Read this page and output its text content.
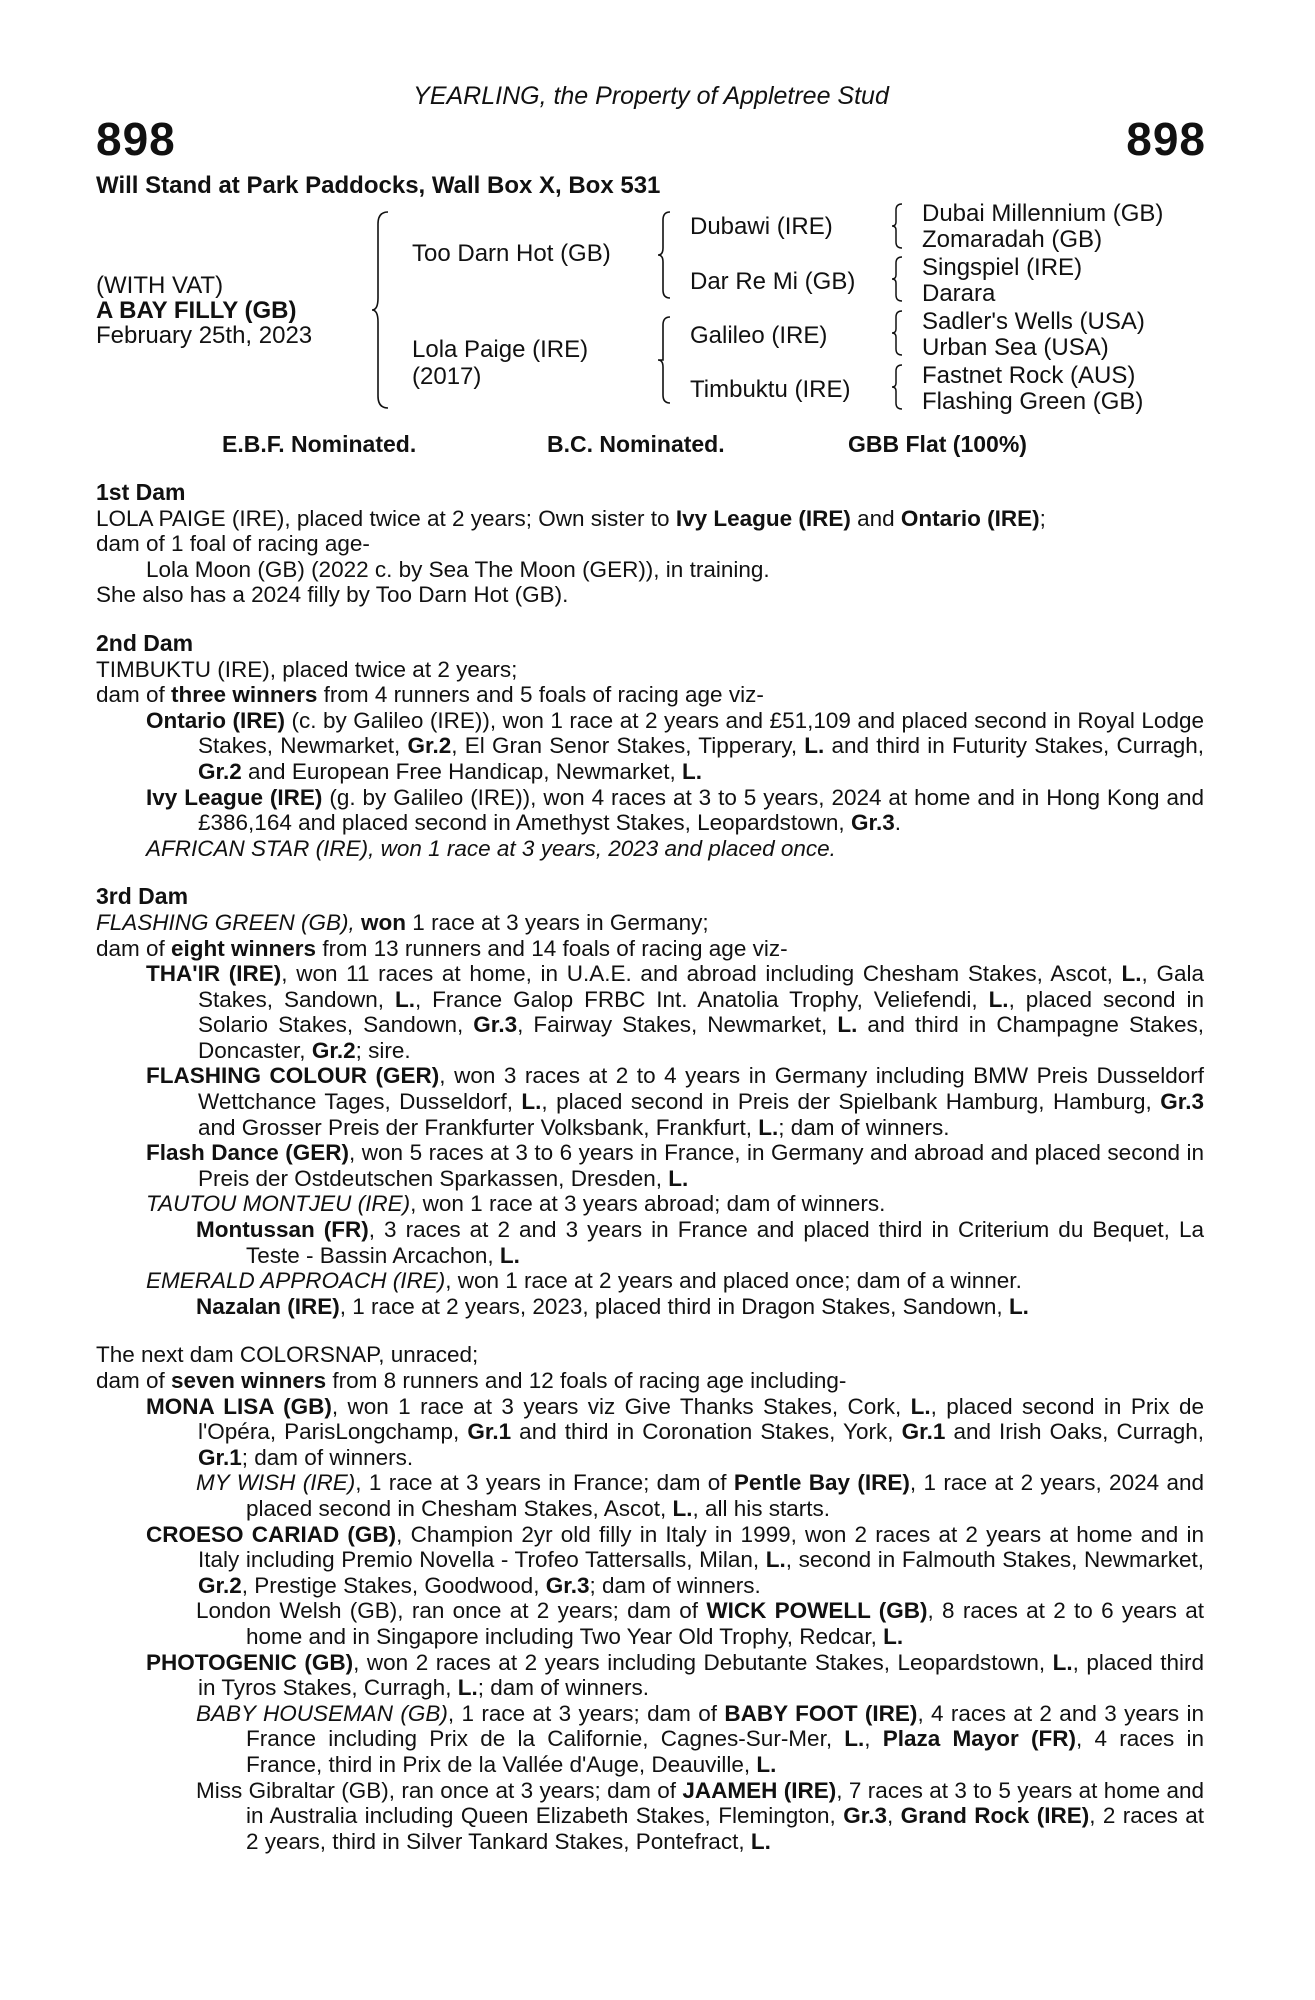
YEARLING, the Property of Appletree Stud
898	898
Will Stand at Park Paddocks, Wall Box X, Box 531
(WITH VAT)
A BAY FILLY (GB)
February 25th, 2023
Too Darn Hot (GB)
Lola Paige (IRE)
(2017)
Dubawi (IRE)
Dar Re Mi (GB)
Galileo (IRE)
Timbuktu (IRE)
Dubai Millennium (GB)
Zomaradah (GB)
Singspiel (IRE)
Darara
Sadler's Wells (USA)
Urban Sea (USA)
Fastnet Rock (AUS)
Flashing Green (GB)
E.B.F. Nominated.	B.C. Nominated.	GBB Flat (100%)
1st Dam
LOLA PAIGE (IRE), placed twice at 2 years; Own sister to Ivy League (IRE) and Ontario (IRE);
dam of 1 foal of racing age-
Lola Moon (GB) (2022 c. by Sea The Moon (GER)), in training.
She also has a 2024 filly by Too Darn Hot (GB).
2nd Dam
TIMBUKTU (IRE), placed twice at 2 years;
dam of three winners from 4 runners and 5 foals of racing age viz-
Ontario (IRE) (c. by Galileo (IRE)), won 1 race at 2 years and £51,109 and placed second in Royal Lodge Stakes, Newmarket, Gr.2, El Gran Senor Stakes, Tipperary, L. and third in Futurity Stakes, Curragh, Gr.2 and European Free Handicap, Newmarket, L.
Ivy League (IRE) (g. by Galileo (IRE)), won 4 races at 3 to 5 years, 2024 at home and in Hong Kong and £386,164 and placed second in Amethyst Stakes, Leopardstown, Gr.3.
AFRICAN STAR (IRE), won 1 race at 3 years, 2023 and placed once.
3rd Dam
FLASHING GREEN (GB), won 1 race at 3 years in Germany;
dam of eight winners from 13 runners and 14 foals of racing age viz-
THA'IR (IRE), won 11 races at home, in U.A.E. and abroad including Chesham Stakes, Ascot, L., Gala Stakes, Sandown, L., France Galop FRBC Int. Anatolia Trophy, Veliefendi, L., placed second in Solario Stakes, Sandown, Gr.3, Fairway Stakes, Newmarket, L. and third in Champagne Stakes, Doncaster, Gr.2; sire.
FLASHING COLOUR (GER), won 3 races at 2 to 4 years in Germany including BMW Preis Dusseldorf Wettchance Tages, Dusseldorf, L., placed second in Preis der Spielbank Hamburg, Hamburg, Gr.3 and Grosser Preis der Frankfurter Volksbank, Frankfurt, L.; dam of winners.
Flash Dance (GER), won 5 races at 3 to 6 years in France, in Germany and abroad and placed second in Preis der Ostdeutschen Sparkassen, Dresden, L.
TAUTOU MONTJEU (IRE), won 1 race at 3 years abroad; dam of winners.
Montussan (FR), 3 races at 2 and 3 years in France and placed third in Criterium du Bequet, La Teste - Bassin Arcachon, L.
EMERALD APPROACH (IRE), won 1 race at 2 years and placed once; dam of a winner.
Nazalan (IRE), 1 race at 2 years, 2023, placed third in Dragon Stakes, Sandown, L.
The next dam COLORSNAP, unraced;
dam of seven winners from 8 runners and 12 foals of racing age including-
MONA LISA (GB), won 1 race at 3 years viz Give Thanks Stakes, Cork, L., placed second in Prix de l'Opéra, ParisLongchamp, Gr.1 and third in Coronation Stakes, York, Gr.1 and Irish Oaks, Curragh, Gr.1; dam of winners.
MY WISH (IRE), 1 race at 3 years in France; dam of Pentle Bay (IRE), 1 race at 2 years, 2024 and placed second in Chesham Stakes, Ascot, L., all his starts.
CROESO CARIAD (GB), Champion 2yr old filly in Italy in 1999, won 2 races at 2 years at home and in Italy including Premio Novella - Trofeo Tattersalls, Milan, L., second in Falmouth Stakes, Newmarket, Gr.2, Prestige Stakes, Goodwood, Gr.3; dam of winners.
London Welsh (GB), ran once at 2 years; dam of WICK POWELL (GB), 8 races at 2 to 6 years at home and in Singapore including Two Year Old Trophy, Redcar, L.
PHOTOGENIC (GB), won 2 races at 2 years including Debutante Stakes, Leopardstown, L., placed third in Tyros Stakes, Curragh, L.; dam of winners.
BABY HOUSEMAN (GB), 1 race at 3 years; dam of BABY FOOT (IRE), 4 races at 2 and 3 years in France including Prix de la Californie, Cagnes-Sur-Mer, L., Plaza Mayor (FR), 4 races in France, third in Prix de la Vallée d'Auge, Deauville, L.
Miss Gibraltar (GB), ran once at 3 years; dam of JAAMEH (IRE), 7 races at 3 to 5 years at home and in Australia including Queen Elizabeth Stakes, Flemington, Gr.3, Grand Rock (IRE), 2 races at 2 years, third in Silver Tankard Stakes, Pontefract, L.
